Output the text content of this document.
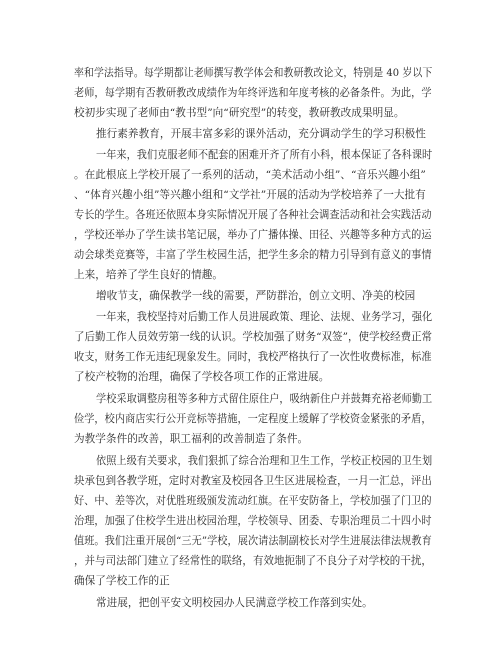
率和学法指导。每学期都让老师撰写教学体会和教研教改论文，特别是 40 岁以下
老师，每学期有否教研教改成绩作为年终评选和年度考核的必备条件。为此，学
校初步实现了老师由“教书型”向“研究型”的转变，教研教改成果明显。
推行素养教育，开展丰富多彩的课外活动，充分调动学生的学习积极性
一年来，我们克服老师不配套的困难开齐了所有小科，根本保证了各科课时
。在此根底上学校开展了一系列的活动，“美术活动小组”、“音乐兴趣小组”
、“体育兴趣小组”等兴趣小组和“文学社”开展的活动为学校培养了一大批有
专长的学生。各班还依照本身实际情况开展了各种社会调查活动和社会实践活动
，学校还举办了学生读书笔记展，举办了广播体操、田径、兴趣等多种方式的运
动会球类竞赛等，丰富了学生校园生活，把学生多余的精力引导到有意义的事情
上来，培养了学生良好的情趣。
增收节支，确保教学一线的需要，严防群治，创立文明、净美的校园
一年来，我校坚持对后勤工作人员进展政策、理论、法规、业务学习，强化
了后勤工作人员效劳第一线的认识。学校加强了财务“双签”，使学校经费正常
收支，财务工作无违纪现象发生。同时，我校严格执行了一次性收费标准，标准
了校产校物的治理，确保了学校各项工作的正常进展。
学校采取调整房租等多种方式留住原住户，吸纳新住户并鼓舞充裕老师勤工
俭学，校内商店实行公开竞标等措施，一定程度上缓解了学校资金紧张的矛盾，
为教学条件的改善，职工福利的改善制造了条件。
依照上级有关要求，我们狠抓了综合治理和卫生工作，学校正校园的卫生划
块承包到各教学班，定时对教室及校园各卫生区进展检查，一月一汇总，评出
好、中、差等次，对优胜班级颁发流动红旗。在平安防备上，学校加强了门卫的
治理，加强了住校学生进出校园治理，学校领导、团委、专职治理员二十四小时
值班。我们注重开展创“三无”学校，展次请法制副校长对学生进展法律法规教育
，并与司法部门建立了经常性的联络，有效地扼制了不良分子对学校的干扰，
确保了学校工作的正
常进展，把创平安文明校园办人民满意学校工作落到实处。
